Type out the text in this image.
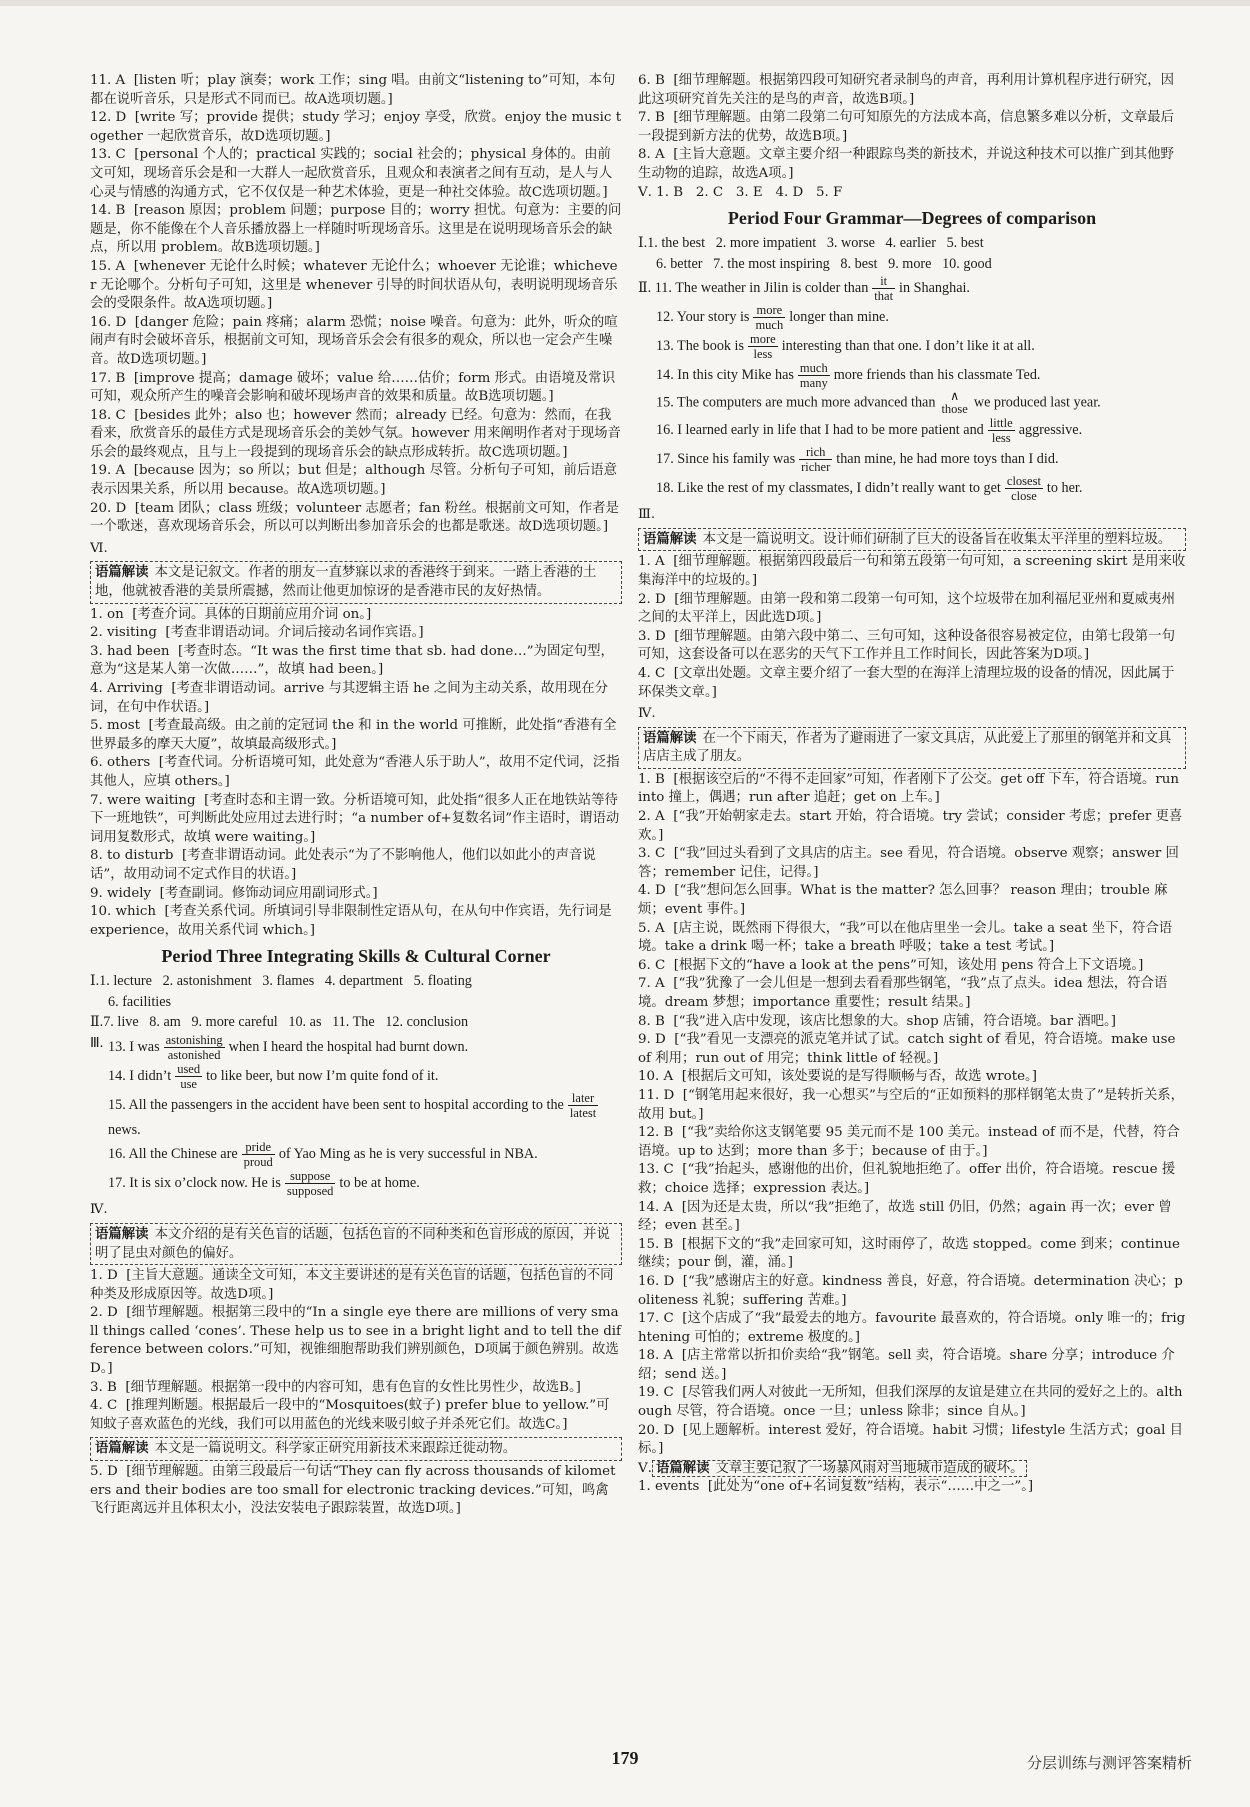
11. A  [listen 听；play 演奏；work 工作；sing 唱。由前文“listening to”可知，本句都在说听音乐，只是形式不同而已。故A选项切题。]

12. D  [write 写；provide 提供；study 学习；enjoy 享受，欣赏。enjoy the music together 一起欣赏音乐，故D选项切题。]

13. C  [personal 个人的；practical 实践的；social 社会的；physical 身体的。由前文可知，现场音乐会是和一大群人一起欣赏音乐，且观众和表演者之间有互动，是人与人心灵与情感的沟通方式，它不仅仅是一种艺术体验，更是一种社交体验。故C选项切题。]

14. B  [reason 原因；problem 问题；purpose 目的；worry 担忧。句意为：主要的问题是，你不能像在个人音乐播放器上一样随时听现场音乐。这里是在说明现场音乐会的缺点，所以用 problem。故B选项切题。]

15. A  [whenever 无论什么时候；whatever 无论什么；whoever 无论谁；whichever 无论哪个。分析句子可知，这里是 whenever 引导的时间状语从句，表明说明现场音乐会的受限条件。故A选项切题。]

16. D  [danger 危险；pain 疼痛；alarm 恐慌；noise 噪音。句意为：此外，听众的喧闹声有时会破坏音乐，根据前文可知，现场音乐会会有很多的观众，所以也一定会产生噪音。故D选项切题。]

17. B  [improve 提高；damage 破坏；value 给……估价；form 形式。由语境及常识可知，观众所产生的噪音会影响和破坏现场声音的效果和质量。故B选项切题。]

18. C  [besides 此外；also 也；however 然而；already 已经。句意为：然而，在我看来，欣赏音乐的最佳方式是现场音乐会的美妙气氛。however 用来阐明作者对于现场音乐会的最终观点，且与上一段提到的现场音乐会的缺点形成转折。故C选项切题。]

19. A  [because 因为；so 所以；but 但是；although 尽管。分析句子可知，前后语意表示因果关系，所以用 because。故A选项切题。]

20. D  [team 团队；class 班级；volunteer 志愿者；fan 粉丝。根据前文可知，作者是一个歌迷，喜欢现场音乐会，所以可以判断出参加音乐会的也都是歌迷。故D选项切题。]

Ⅵ.

语篇解读 本文是记叙文。作者的朋友一直梦寐以求的香港终于到来。一踏上香港的土地，他就被香港的美景所震撼，然而让他更加惊讶的是香港市民的友好热情。

1. on  [考查介词。具体的日期前应用介词 on。]

2. visiting  [考查非谓语动词。介词后接动名词作宾语。]

3. had been  [考查时态。“It was the first time that sb. had done…”为固定句型，意为“这是某人第一次做……”，故填 had been。]

4. Arriving  [考查非谓语动词。arrive 与其逻辑主语 he 之间为主动关系，故用现在分词，在句中作状语。]

5. most  [考查最高级。由之前的定冠词 the 和 in the world 可推断，此处指“香港有全世界最多的摩天大厦”，故填最高级形式。]

6. others  [考查代词。分析语境可知，此处意为“香港人乐于助人”，故用不定代词，泛指其他人，应填 others。]

7. were waiting  [考查时态和主谓一致。分析语境可知，此处指“很多人正在地铁站等待下一班地铁”，可判断此处应用过去进行时；“a number of+复数名词”作主语时，谓语动词用复数形式，故填 were waiting。]

8. to disturb  [考查非谓语动词。此处表示“为了不影响他人，他们以如此小的声音说话”，故用动词不定式作目的状语。]

9. widely  [考查副词。修饰动词应用副词形式。]

10. which  [考查关系代词。所填词引导非限制性定语从句，在从句中作宾语，先行词是 experience，故用关系代词 which。]

Period Three Integrating Skills & Cultural Corner

Ⅰ.1. lecture   2. astonishment   3. flames   4. department   5. floating

6. facilities

Ⅱ.7. live   8. am   9. more careful   10. as   11. The   12. conclusion

Ⅲ. 13. I was astonishing
astonished
when I heard the hospital had burnt down.

14. I didn’t used
use
to like beer, but now I’m quite fond of it.

15. All the passengers in the accident have been sent to hospital according to the later
latest
news.

16. All the Chinese are pride
proud
of Yao Ming as he is very successful in NBA.

17. It is six o’clock now. He is suppose
supposed
to be at home.

Ⅳ.

语篇解读 本文介绍的是有关色盲的话题，包括色盲的不同种类和色盲形成的原因，并说明了昆虫对颜色的偏好。

1. D  [主旨大意题。通读全文可知，本文主要讲述的是有关色盲的话题，包括色盲的不同种类及形成原因等。故选D项。]

2. D  [细节理解题。根据第三段中的“In a single eye there are millions of very small things called ‘cones’. These help us to see in a bright light and to tell the difference between colors.”可知，视锥细胞帮助我们辨别颜色，D项属于颜色辨别。故选D。]

3. B  [细节理解题。根据第一段中的内容可知，患有色盲的女性比男性少，故选B。]

4. C  [推理判断题。根据最后一段中的“Mosquitoes(蚊子) prefer blue to yellow.”可知蚊子喜欢蓝色的光线，我们可以用蓝色的光线来吸引蚊子并杀死它们。故选C。]

语篇解读 本文是一篇说明文。科学家正研究用新技术来跟踪迁徙动物。

5. D  [细节理解题。由第三段最后一句话“They can fly across thousands of kilometers and their bodies are too small for electronic tracking devices.”可知，鸣禽飞行距离远并且体积太小，没法安装电子跟踪装置，故选D项。]

6. B  [细节理解题。根据第四段可知研究者录制鸟的声音，再利用计算机程序进行研究，因此这项研究首先关注的是鸟的声音，故选B项。]

7. B  [细节理解题。由第二段第二句可知原先的方法成本高，信息繁多难以分析，文章最后一段提到新方法的优势，故选B项。]

8. A  [主旨大意题。文章主要介绍一种跟踪鸟类的新技术，并说这种技术可以推广到其他野生动物的追踪，故选A项。]

Ⅴ. 1. B   2. C   3. E   4. D   5. F

Period Four Grammar—Degrees of comparison

Ⅰ.1. the best   2. more impatient   3. worse   4. earlier   5. best

6. better   7. the most inspiring   8. best   9. more   10. good

Ⅱ. 11. The weather in Jilin is colder than it
that
in Shanghai.

12. Your story is more
much
longer than mine.

13. The book is more
less
interesting than that one. I don’t like it at all.

14. In this city Mike has much
many
more friends than his classmate Ted.

15. The computers are much more advanced than	∧
those we produced last year.

16. I learned early in life that I had to be more patient and little
less
aggressive.

17. Since his family was rich
richer
than mine, he had more toys than I did.

18. Like the rest of my classmates, I didn’t really want to get closest
close
to her.

Ⅲ.

语篇解读 本文是一篇说明文。设计师们研制了巨大的设备旨在收集太平洋里的塑料垃圾。

1. A  [细节理解题。根据第四段最后一句和第五段第一句可知，a screening skirt 是用来收集海洋中的垃圾的。]

2. D  [细节理解题。由第一段和第二段第一句可知，这个垃圾带在加利福尼亚州和夏威夷州之间的太平洋上，因此选D项。]

3. D  [细节理解题。由第六段中第二、三句可知，这种设备很容易被定位，由第七段第一句可知，这套设备可以在恶劣的天气下工作并且工作时间长，因此答案为D项。]

4. C  [文章出处题。文章主要介绍了一套大型的在海洋上清理垃圾的设备的情况，因此属于环保类文章。]

Ⅳ.

语篇解读 在一个下雨天，作者为了避雨进了一家文具店，从此爱上了那里的钢笔并和文具店店主成了朋友。

1. B  [根据该空后的“不得不走回家”可知，作者刚下了公交。get off 下车，符合语境。run into 撞上，偶遇；run after 追赶；get on 上车。]

2. A  [“我”开始朝家走去。start 开始，符合语境。try 尝试；consider 考虑；prefer 更喜欢。]

3. C  [“我”回过头看到了文具店的店主。see 看见，符合语境。observe 观察；answer 回答；remember 记住，记得。]

4. D  [“我”想问怎么回事。What is the matter? 怎么回事？ reason 理由；trouble 麻烦；event 事件。]

5. A  [店主说，既然雨下得很大，“我”可以在他店里坐一会儿。take a seat 坐下，符合语境。take a drink 喝一杯；take a breath 呼吸；take a test 考试。]

6. C  [根据下文的“have a look at the pens”可知，该处用 pens 符合上下文语境。]

7. A  [“我”犹豫了一会儿但是一想到去看看那些钢笔，“我”点了点头。idea 想法，符合语境。dream 梦想；importance 重要性；result 结果。]

8. B  [“我”进入店中发现，该店比想象的大。shop 店铺，符合语境。bar 酒吧。]

9. D  [“我”看见一支漂亮的派克笔并试了试。catch sight of 看见，符合语境。make use of 利用；run out of 用完；think little of 轻视。]

10. A  [根据后文可知，该处要说的是写得顺畅与否，故选 wrote。]

11. D  [“钢笔用起来很好，我一心想买”与空后的“正如预料的那样钢笔太贵了”是转折关系，故用 but。]

12. B  [“我”卖给你这支钢笔要 95 美元而不是 100 美元。instead of 而不是，代替，符合语境。up to 达到；more than 多于；because of 由于。]

13. C  [“我”抬起头，感谢他的出价，但礼貌地拒绝了。offer 出价，符合语境。rescue 援救；choice 选择；expression 表达。]

14. A  [因为还是太贵，所以“我”拒绝了，故选 still 仍旧，仍然；again 再一次；ever 曾经；even 甚至。]

15. B  [根据下文的“我”走回家可知，这时雨停了，故选 stopped。come 到来；continue 继续；pour 倒，灌，涌。]

16. D  [“我”感谢店主的好意。kindness 善良，好意，符合语境。determination 决心；politeness 礼貌；suffering 苦难。]

17. C  [这个店成了“我”最爱去的地方。favourite 最喜欢的，符合语境。only 唯一的；frightening 可怕的；extreme 极度的。]

18. A  [店主常常以折扣价卖给“我”钢笔。sell 卖，符合语境。share 分享；introduce 介绍；send 送。]

19. C  [尽管我们两人对彼此一无所知，但我们深厚的友谊是建立在共同的爱好之上的。although 尽管，符合语境。once 一旦；unless 除非；since 自从。]

20. D  [见上题解析。interest 爱好，符合语境。habit 习惯；lifestyle 生活方式；goal 目标。]

Ⅴ. 语篇解读 文章主要记叙了一场暴风雨对当地城市造成的破坏。

1. events  [此处为“one of+名词复数”结构，表示“……中之一”。]

179	分层训练与测评答案精析
